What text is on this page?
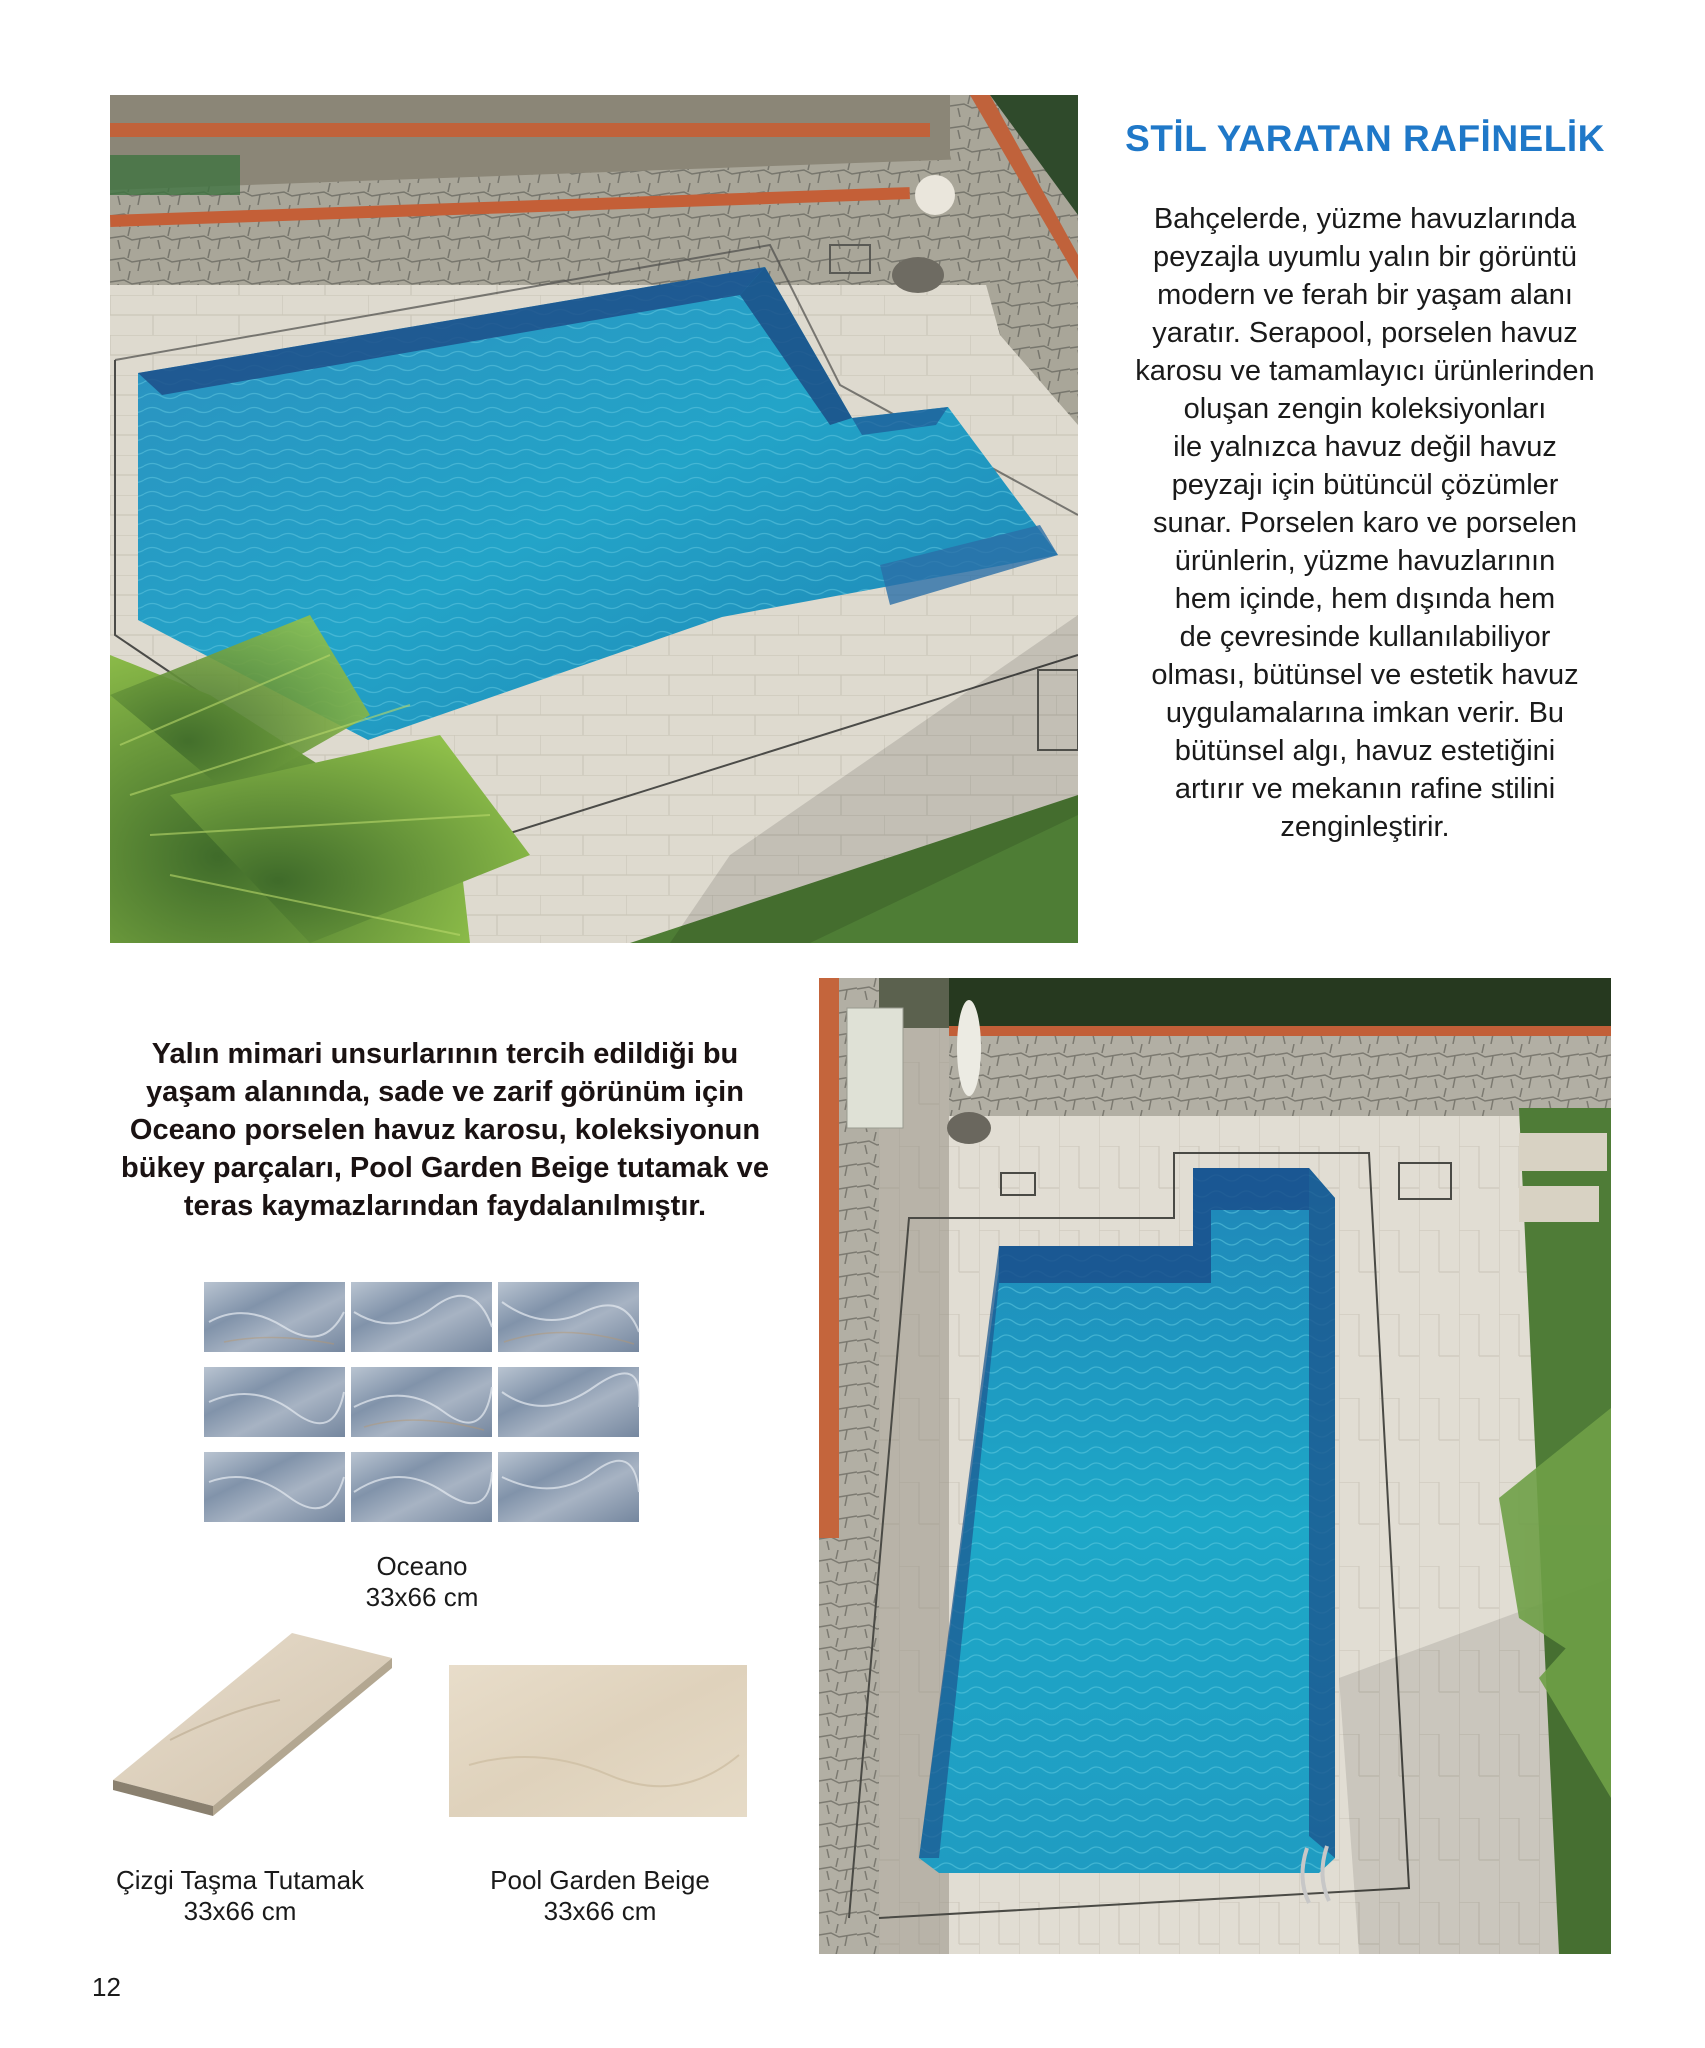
STİL YARATAN RAFİNELİK
Bahçelerde, yüzme havuzlarında
peyzajla uyumlu yalın bir görüntü
modern ve ferah bir yaşam alanı
yaratır. Serapool, porselen havuz
karosu ve tamamlayıcı ürünlerinden
oluşan zengin koleksiyonları
ile yalnızca havuz değil havuz
peyzajı için bütüncül çözümler
sunar. Porselen karo ve porselen
ürünlerin, yüzme havuzlarının
hem içinde, hem dışında hem
de çevresinde kullanılabiliyor
olması, bütünsel ve estetik havuz
uygulamalarına imkan verir. Bu
bütünsel algı, havuz estetiğini
artırır ve mekanın rafine stilini
zenginleştirir.
Yalın mimari unsurlarının tercih edildiği bu
yaşam alanında, sade ve zarif görünüm için
Oceano porselen havuz karosu, koleksiyonun
bükey parçaları, Pool Garden Beige tutamak ve
teras kaymazlarından faydalanılmıştır.
Oceano
33x66 cm
Çizgi Taşma Tutamak
33x66 cm
Pool Garden Beige
33x66 cm
12
